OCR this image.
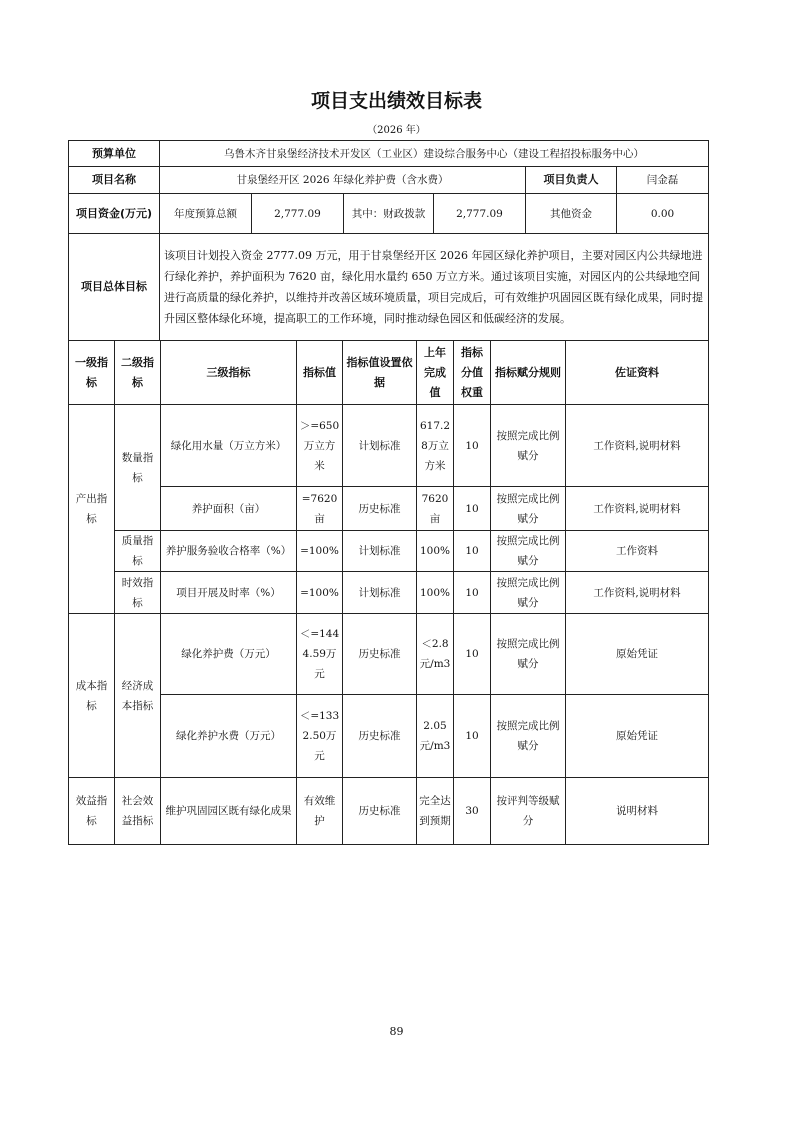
项目支出绩效目标表
（2026 年）
预算单位	乌鲁木齐甘泉堡经济技术开发区（工业区）建设综合服务中心（建设工程招投标服务中心）					
项目名称	甘泉堡经开区 2026 年绿化养护费（含水费）				项目负责人	闫金磊
项目资金(万元)	年度预算总额	2,777.09	其中：财政拨款	2,777.09	其他资金	0.00
项目总体目标	该项目计划投入资金 2777.09 万元，用于甘泉堡经开区 2026 年园区绿化养护项目，主要对园区内公共绿地进行绿化养护，养护面积为 7620 亩，绿化用水量约 650 万立方米。通过该项目实施，对园区内的公共绿地空间进行高质量的绿化养护，以维持并改善区域环境质量，项目完成后，可有效维护巩固园区既有绿化成果，同时提升园区整体绿化环境，提高职工的工作环境，同时推动绿色园区和低碳经济的发展。					
一级指标	二级指标	三级指标	指标值	指标值设置依据	上年完成值	指标分值权重	指标赋分规则	佐证资料
产出指标	数量指标	绿化用水量（万立方米）	＞=650万立方米	计划标准	617.28万立方米	10	按照完成比例赋分	工作资料,说明材料
		养护面积（亩）	=7620亩	历史标准	7620亩	10	按照完成比例赋分	工作资料,说明材料
	质量指标	养护服务验收合格率（%）	=100%	计划标准	100%	10	按照完成比例赋分	工作资料
	时效指标	项目开展及时率（%）	=100%	计划标准	100%	10	按照完成比例赋分	工作资料,说明材料
成本指标	经济成本指标	绿化养护费（万元）	＜=1444.59万元	历史标准	＜2.8元/m3	10	按照完成比例赋分	原始凭证
		绿化养护水费（万元）	＜=1332.50万元	历史标准	2.05元/m3	10	按照完成比例赋分	原始凭证
效益指标	社会效益指标	维护巩固园区既有绿化成果	有效维护	历史标准	完全达到预期	30	按评判等级赋分	说明材料
89
